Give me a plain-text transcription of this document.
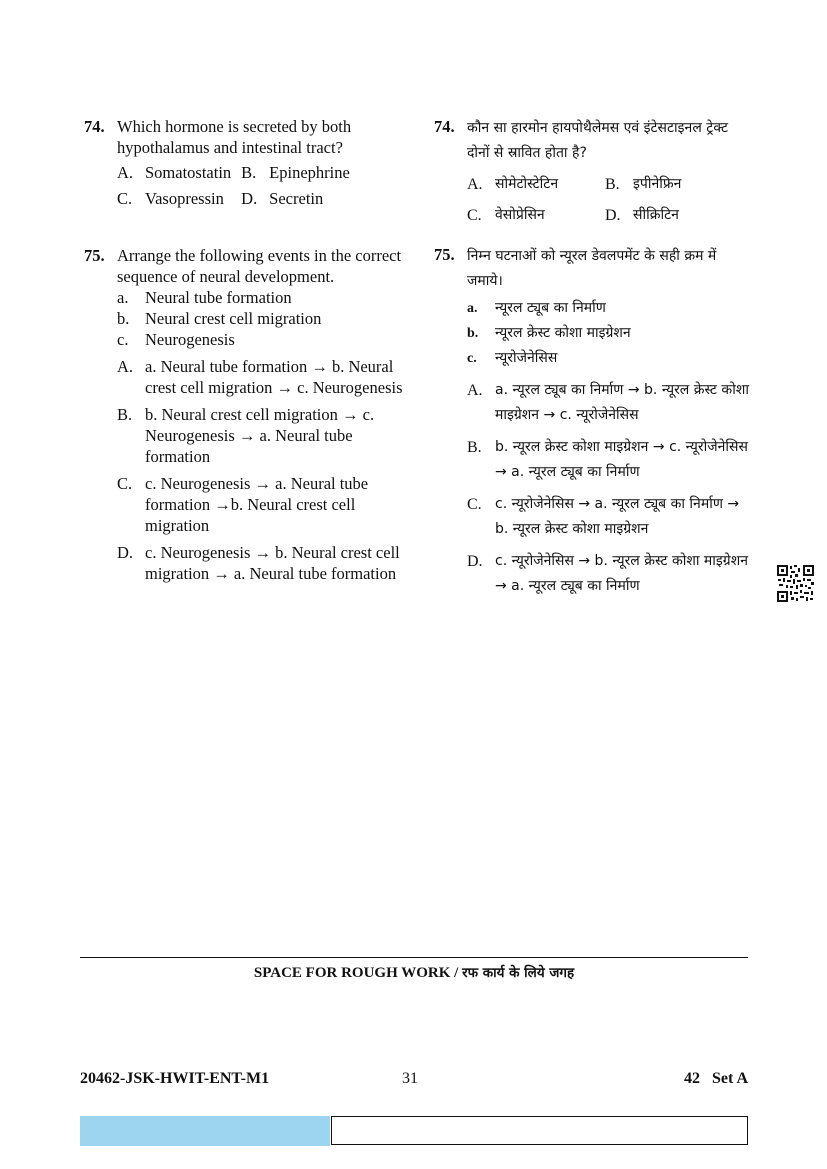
74. Which hormone is secreted by both hypothalamus and intestinal tract?

A. Somatostatin B. Epinephrine
C. Vasopressin D. Secretin
75. Arrange the following events in the correct sequence of neural development.

a.	Neural tube formation
b. Neural crest cell migration
c.	Neurogenesis
A. a. Neural tube formation → b. Neural crest cell migration → c. Neurogenesis
B. b. Neural crest cell migration → c. Neurogenesis → a. Neural tube formation
C. c. Neurogenesis → a. Neural tube formation →b. Neural crest cell migration
D. c. Neurogenesis → b. Neural crest cell migration → a. Neural tube formation
74. कौन सा हारमोन हायपोथैलेमस एवं इंटेसटाइनल ट्रेक्ट दोनों से स्रावित होता है?

A. सोमेटोस्टेटिन	B. इपीनेफ्रिन
C. वेसोप्रेसिन	D. सीक्रिटिन
75. निम्न घटनाओं को न्यूरल डेवलपमेंट के सही क्रम में जमाये।

a.	न्यूरल ट्यूब का निर्माण
b.	न्यूरल क्रेस्ट कोशा माइग्रेशन
c.	न्यूरोजेनेसिस
A. a. न्यूरल ट्यूब का निर्माण → b. न्यूरल क्रेस्ट कोशा माइग्रेशन → c. न्यूरोजेनेसिस
B. b. न्यूरल क्रेस्ट कोशा माइग्रेशन → c. न्यूरोजेनेसिस → a. न्यूरल ट्यूब का निर्माण
C. c. न्यूरोजेनेसिस → a. न्यूरल ट्यूब का निर्माण → b. न्यूरल क्रेस्ट कोशा माइग्रेशन
D. c. न्यूरोजेनेसिस → b. न्यूरल क्रेस्ट कोशा माइग्रेशन → a. न्यूरल ट्यूब का निर्माण
SPACE FOR ROUGH WORK / रफ कार्य के लिये जगह
20462-JSK-HWIT-ENT-M1	31	42   Set A
